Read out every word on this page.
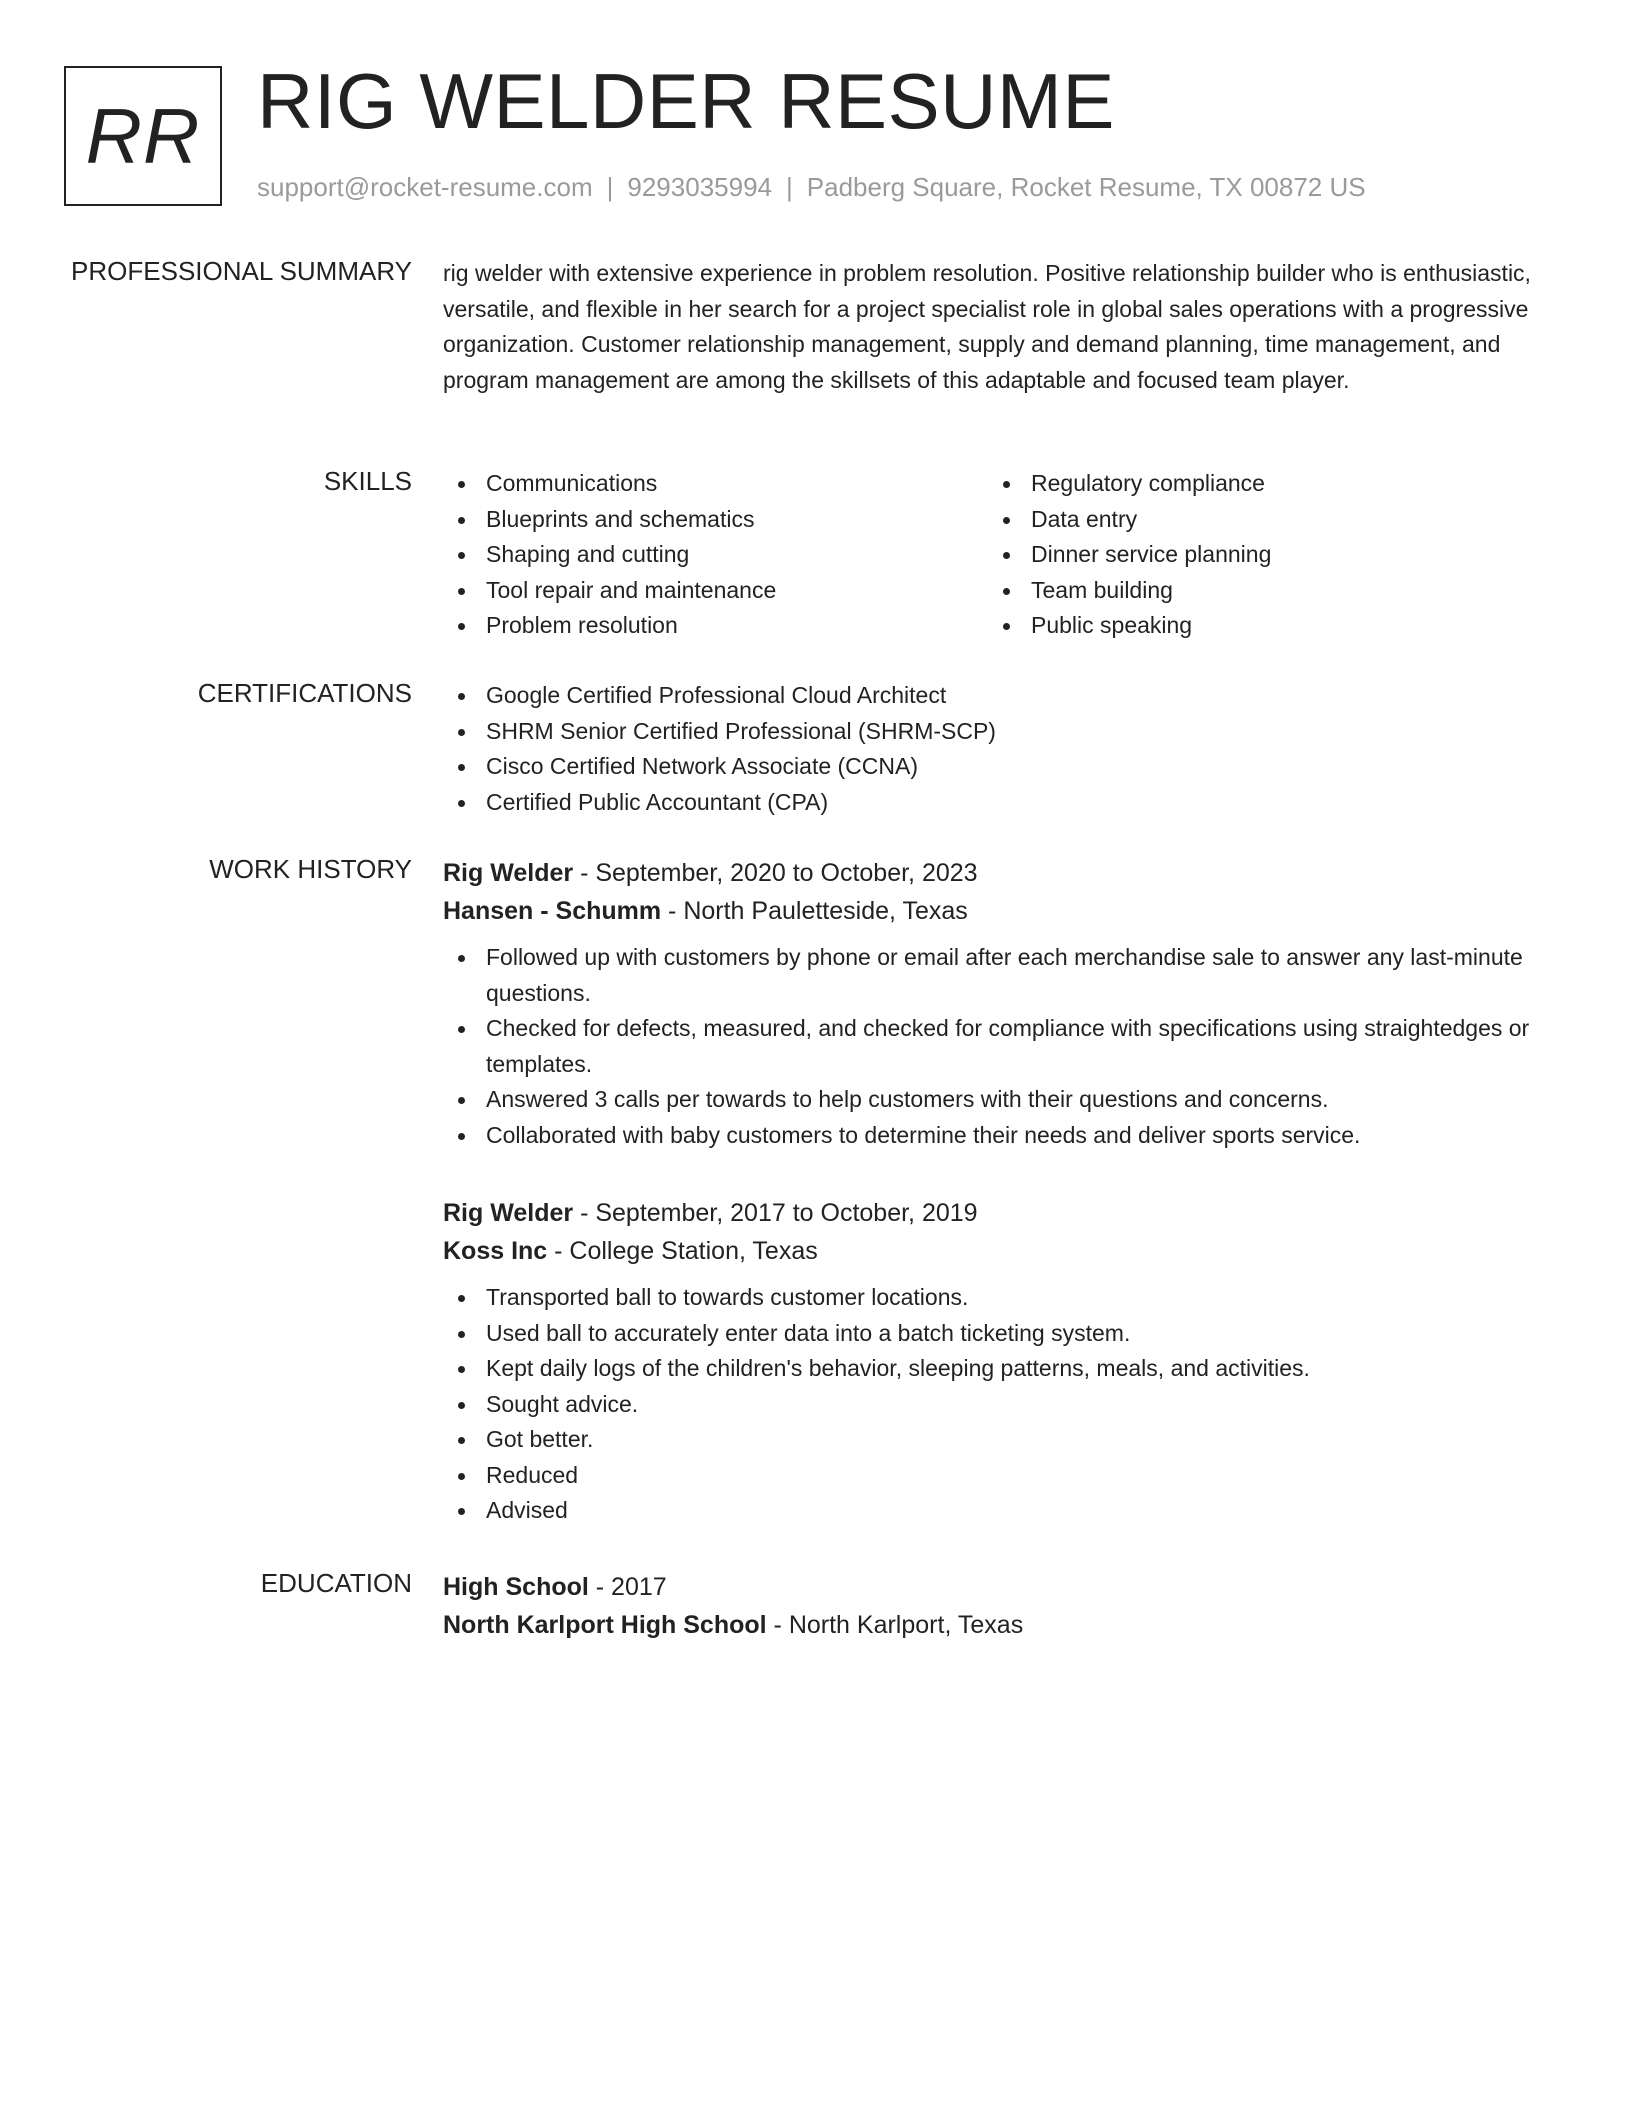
RR RIG WELDER RESUME
support@rocket-resume.com | 9293035994 | Padberg Square, Rocket Resume, TX 00872 US
PROFESSIONAL SUMMARY rig welder with extensive experience in problem resolution. Positive relationship builder who is enthusiastic, versatile, and flexible in her search for a project specialist role in global sales operations with a progressive organization. Customer relationship management, supply and demand planning, time management, and program management are among the skillsets of this adaptable and focused team player.
SKILLS	Communications
Blueprints and schematics
Shaping and cutting
Tool repair and maintenance
Problem resolution
Regulatory compliance
Data entry
Dinner service planning
Team building
Public speaking
CERTIFICATIONS	Google Certified Professional Cloud Architect
SHRM Senior Certified Professional (SHRM-SCP)
Cisco Certified Network Associate (CCNA)
Certified Public Accountant (CPA)
WORK HISTORY Rig Welder - September, 2020 to October, 2023
Hansen - Schumm - North Pauletteside, Texas
Followed up with customers by phone or email after each merchandise sale to answer any last-minute questions.
Checked for defects, measured, and checked for compliance with specifications using straightedges or templates.
Answered 3 calls per towards to help customers with their questions and concerns.
Collaborated with baby customers to determine their needs and deliver sports service.
Rig Welder - September, 2017 to October, 2019
Koss Inc - College Station, Texas
Transported ball to towards customer locations.
Used ball to accurately enter data into a batch ticketing system.
Kept daily logs of the children's behavior, sleeping patterns, meals, and activities.
Sought advice.
Got better.
Reduced
Advised
EDUCATION High School - 2017
North Karlport High School - North Karlport, Texas
